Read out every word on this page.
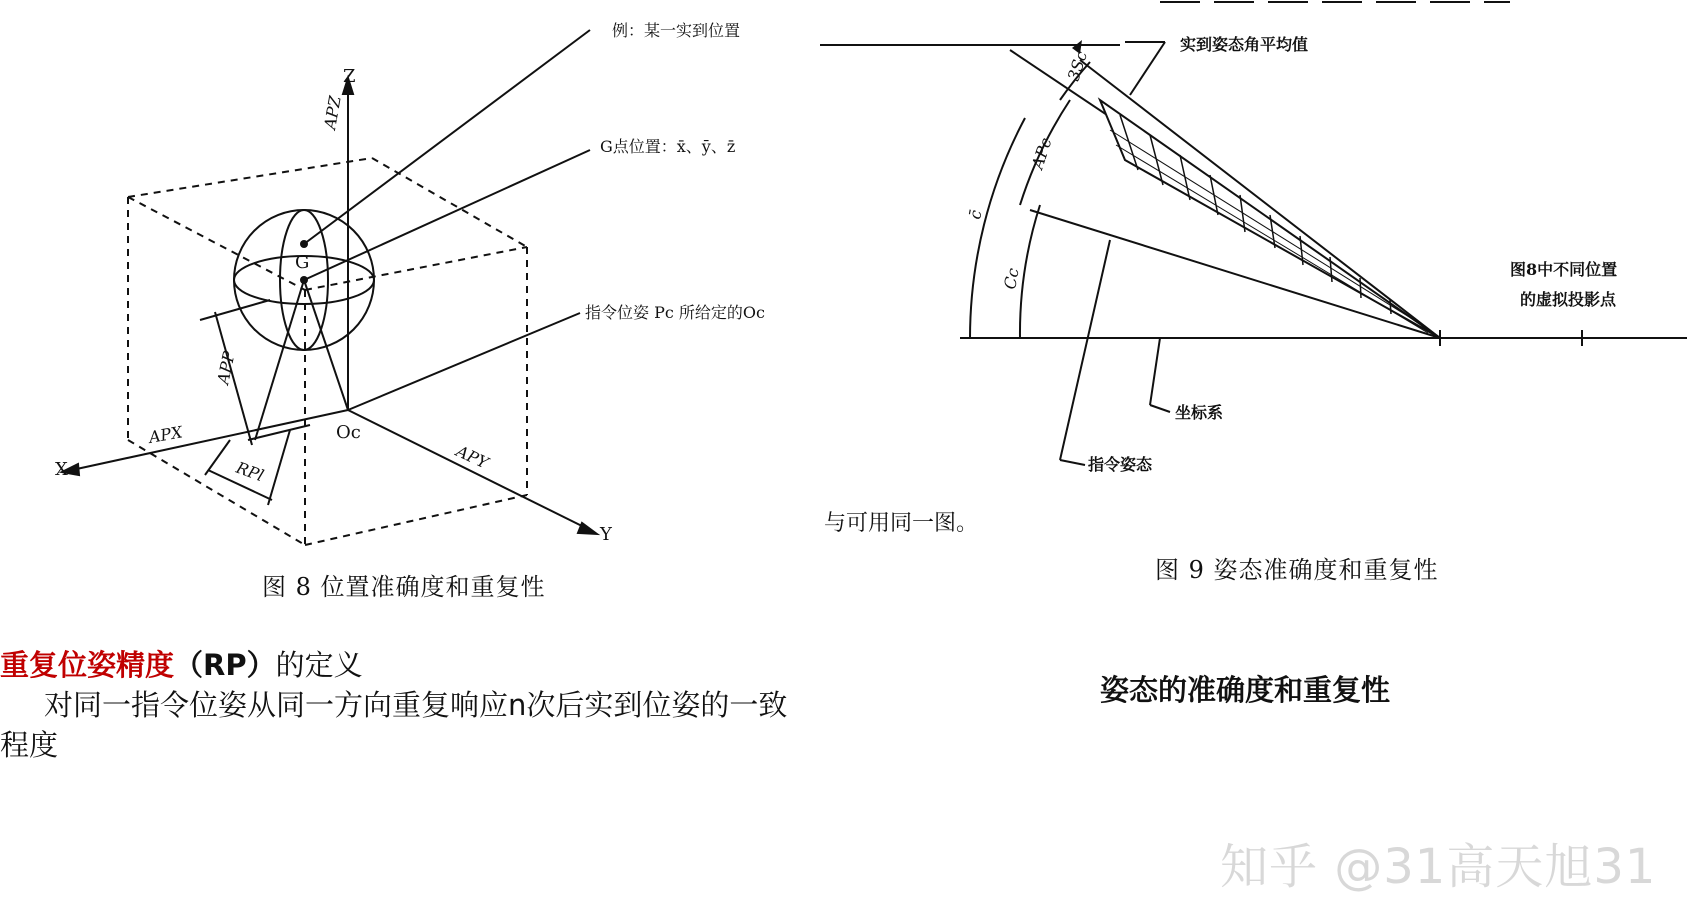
Z
X
Y
G
Oc
APZ
APP
APX
APY
RPl
例：某一实到位置
G点位置：x̄、ȳ、z̄
指令位姿 Pc 所给定的Oc
图 8 位置准确度和重复性
3Sc
APc
c̄
Cc
实到姿态角平均值
图8中不同位置
的虚拟投影点
坐标系
指令姿态
与可用同一图。
图 9 姿态准确度和重复性
重复位姿精度（RP）的定义
对同一指令位姿从同一方向重复响应n次后实到位姿的一致程度
姿态的准确度和重复性
知乎 @31高天旭31
